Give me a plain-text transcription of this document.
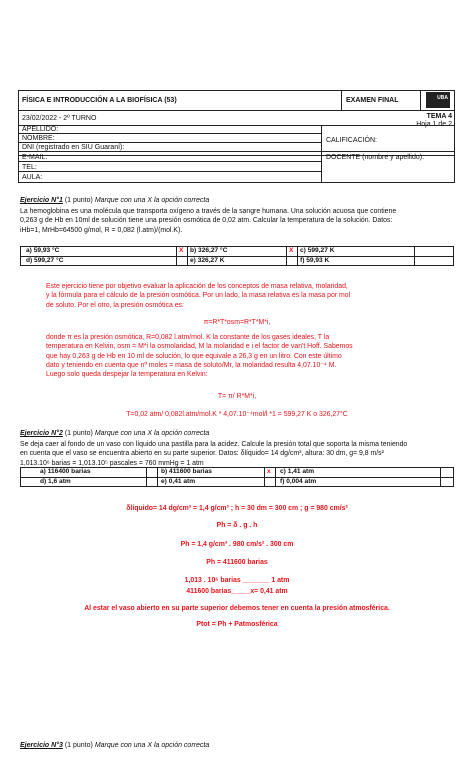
FÍSICA E INTRODUCCIÓN A LA BIOFÍSICA (53)	EXAMEN FINAL	UBA
23/02/2022 - 2º TURNO	TEMA 4
Hoja 1 de 2
APELLIDO:
NOMBRE:
DNI (registrado en SIU Guaraní):
E-MAIL:
TEL:
AULA:
CALIFICACIÓN:
DOCENTE (nombre y apellido):
Ejercicio N°1 (1 punto) Marque con una X la opción correcta
La hemoglobina es una molécula que transporta oxígeno a través de la sangre humana. Una solución acuosa que contiene
0,263 g de Hb en 10ml de solución tiene una presión osmótica de 0,02 atm. Calcular la temperatura de la solución. Datos:
iHb=1, MrHb=64500 g/mol, R = 0,082 (l.atm)/(mol.K).
a) 59,93 °C	X b) 326,27 °C	X c) 599,27 K
d) 599,27 °C	e) 326,27 K	f) 59,93 K
Este ejercicio tiene por objetivo evaluar la aplicación de los conceptos de masa relativa, molaridad,
y la fórmula para el cálculo de la presión osmótica. Por un lado, la masa relativa es la masa por mol
de soluto. Por el otro, la presión osmótica es:
π=R*T*osm=R*T*M*i,
donde π es la presión osmótica, R=0,082 l.atm/mol. K la constante de los gases ideales, T la
temperatura en Kelvin, osm = M*i la osmolaridad, M la molaridad e i el factor de van't Hoff. Sabemos
que hay 0,263 g de Hb en 10 ml de solución, lo que equivale a 26,3 g en un litro. Con este último
dato y teniendo en cuenta que nº moles = masa de soluto/Mr, la molaridad resulta 4,07.10⁻⁴ M.
Luego solo queda despejar la temperatura en Kelvin:
T= π/ R*M*i,
T=0,02 atm/ 0,082l.atm/mol.K * 4,07.10⁻⁴mol/l *1 = 599,27 K o 326,27°C
Ejercicio N°2 (1 punto) Marque con una X la opción correcta
Se deja caer al fondo de un vaso con líquido una pastilla para la acidez. Calcule la presión total que soporta la misma teniendo
en cuenta que el vaso se encuentra abierto en su parte superior. Datos: δlíquido= 14 dg/cm³, altura: 30 dm, g= 9,8 m/s²
1,013.10⁶ barias = 1,013.10⁵ pascales = 760 mmHg = 1 atm
a) 116400 barias	b) 411600 barias	x c) 1,41 atm
d) 1,6 atm	e) 0,41 atm	f) 0,004 atm
δlíquido= 14 dg/cm³ = 1,4 g/cm³ ; h = 30 dm = 300 cm ; g = 980 cm/s²
Ph = δ . g . h
Ph = 1,4 g/cm³ . 980 cm/s² . 300 cm
Ph = 411600 barias
1,013 . 10⁶ barias _______ 1 atm
411600 barias_____x= 0,41 atm
Al estar el vaso abierto en su parte superior debemos tener en cuenta la presión atmosférica.
Ptot = Ph + Patmosférica
Ejercicio N°3 (1 punto) Marque con una X la opción correcta
